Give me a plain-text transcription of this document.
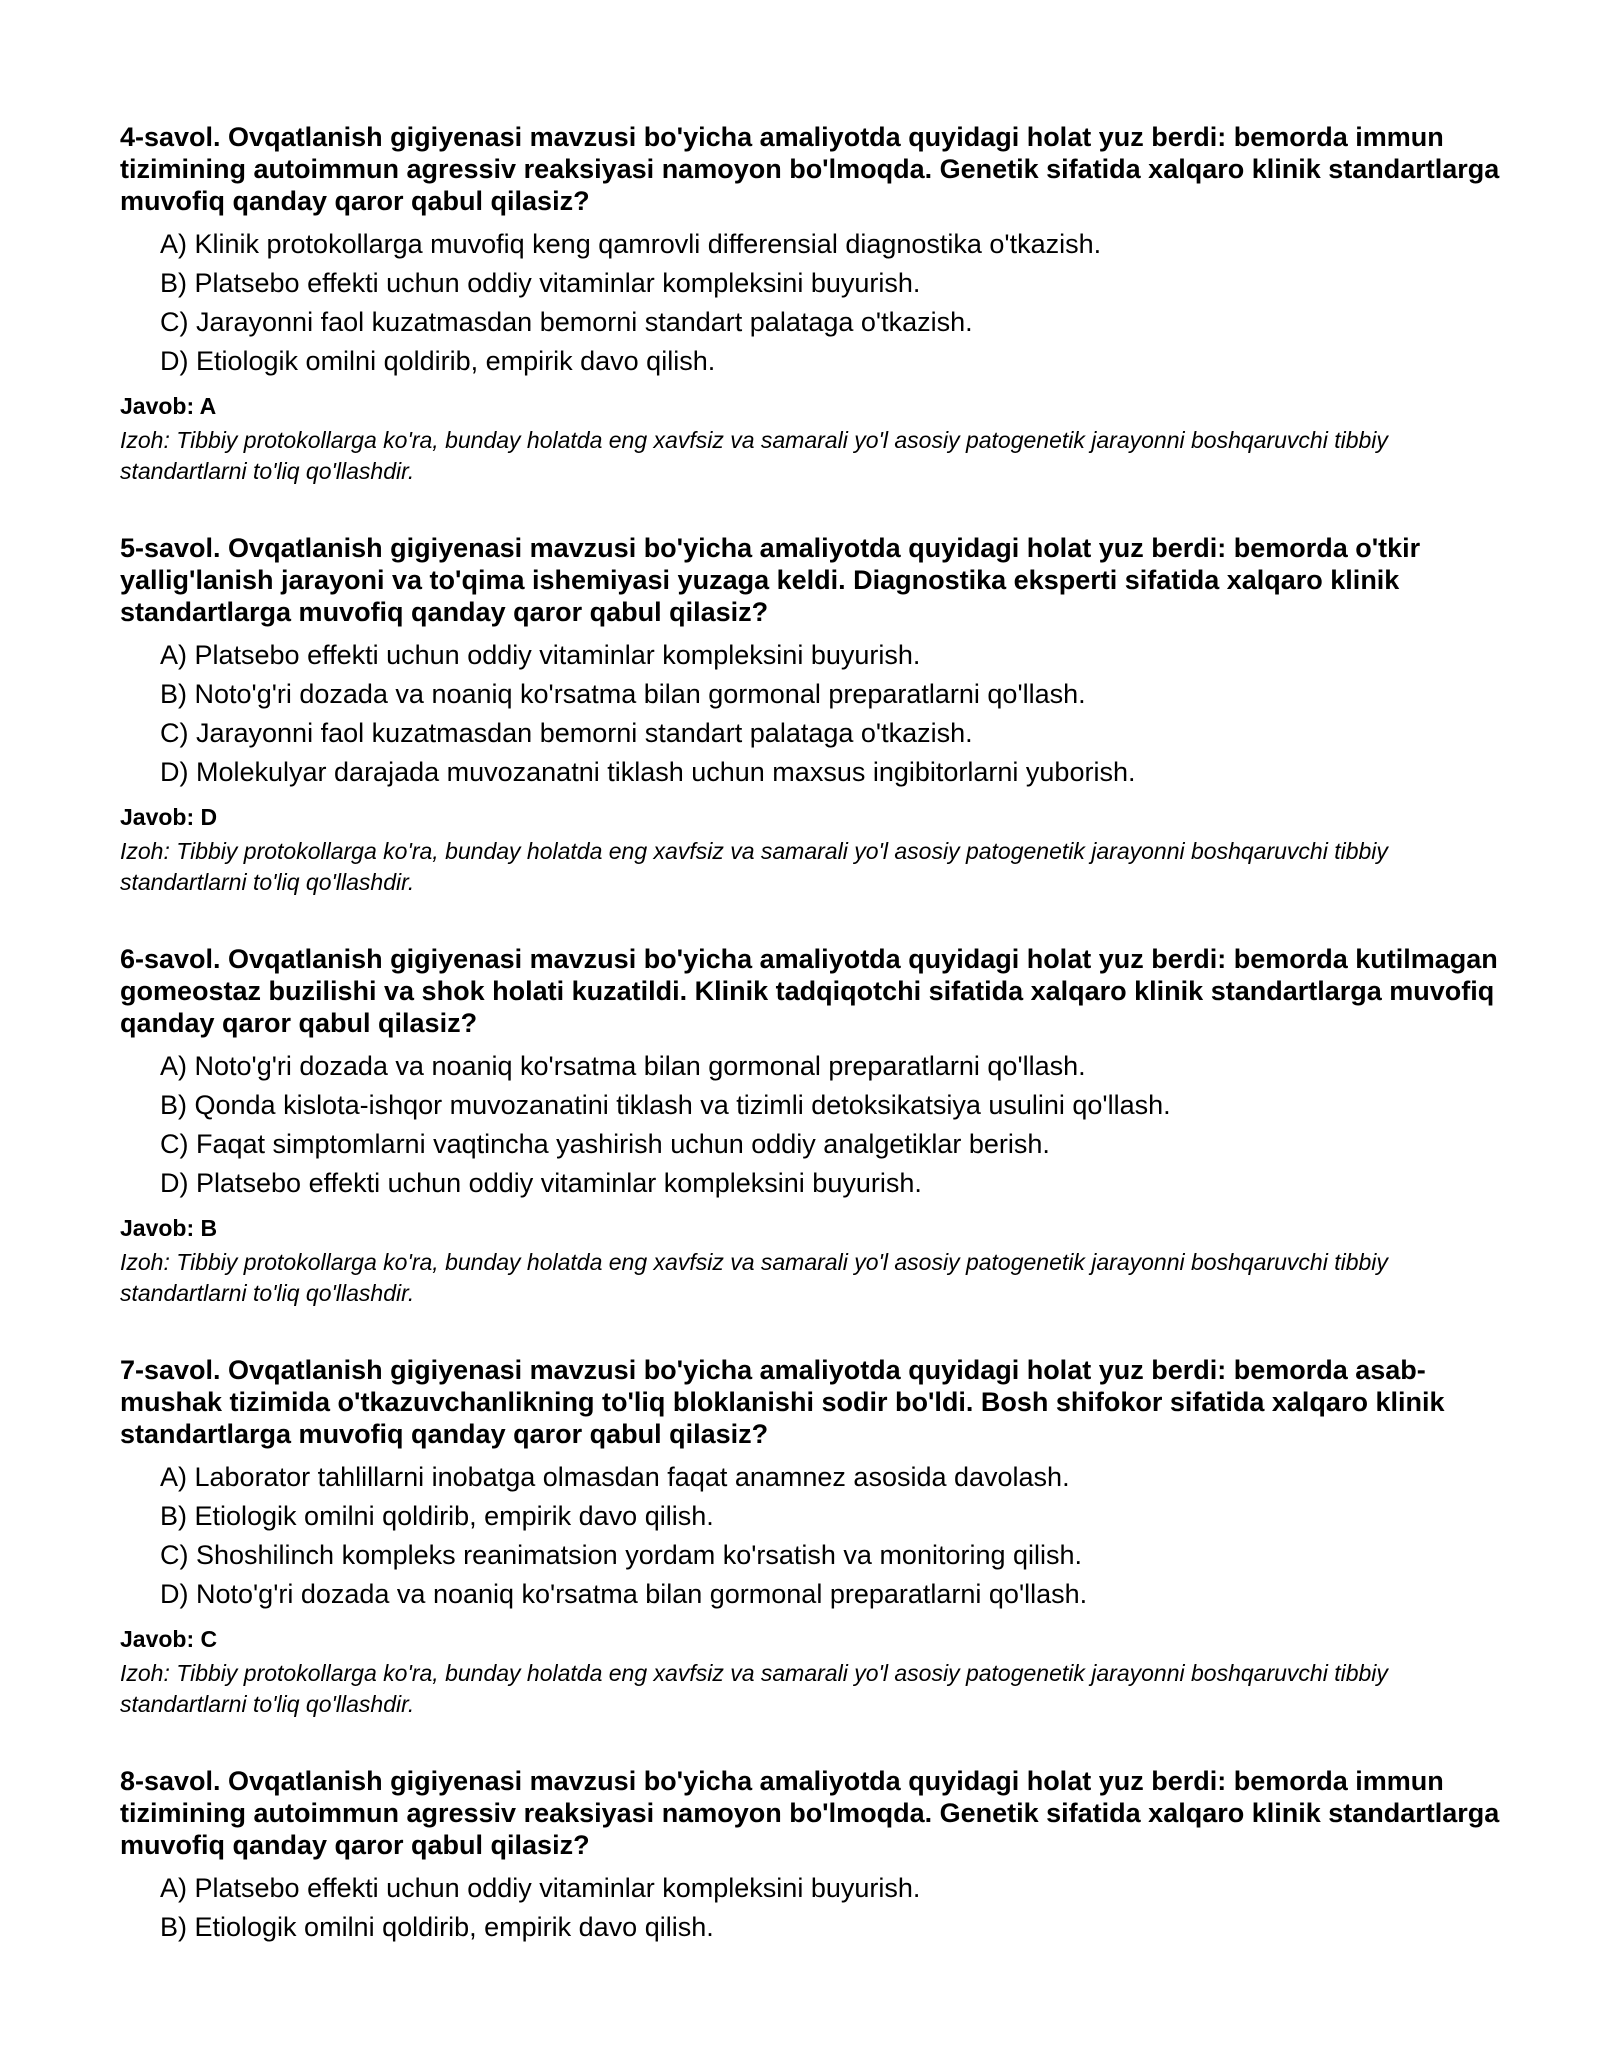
4-savol. Ovqatlanish gigiyenasi mavzusi bo'yicha amaliyotda quyidagi holat yuz berdi: bemorda immun tizimining autoimmun agressiv reaksiyasi namoyon bo'lmoqda. Genetik sifatida xalqaro klinik standartlarga muvofiq qanday qaror qabul qilasiz?

A) Klinik protokollarga muvofiq keng qamrovli differensial diagnostika o'tkazish.
B) Platsebo effekti uchun oddiy vitaminlar kompleksini buyurish.
C) Jarayonni faol kuzatmasdan bemorni standart palataga o'tkazish.
D) Etiologik omilni qoldirib, empirik davo qilish.

Javob: A

Izoh: Tibbiy protokollarga ko'ra, bunday holatda eng xavfsiz va samarali yo'l asosiy patogenetik jarayonni boshqaruvchi tibbiy standartlarni to'liq qo'llashdir.

5-savol. Ovqatlanish gigiyenasi mavzusi bo'yicha amaliyotda quyidagi holat yuz berdi: bemorda o'tkir yallig'lanish jarayoni va to'qima ishemiyasi yuzaga keldi. Diagnostika eksperti sifatida xalqaro klinik standartlarga muvofiq qanday qaror qabul qilasiz?

A) Platsebo effekti uchun oddiy vitaminlar kompleksini buyurish.
B) Noto'g'ri dozada va noaniq ko'rsatma bilan gormonal preparatlarni qo'llash.
C) Jarayonni faol kuzatmasdan bemorni standart palataga o'tkazish.
D) Molekulyar darajada muvozanatni tiklash uchun maxsus ingibitorlarni yuborish.

Javob: D

Izoh: Tibbiy protokollarga ko'ra, bunday holatda eng xavfsiz va samarali yo'l asosiy patogenetik jarayonni boshqaruvchi tibbiy standartlarni to'liq qo'llashdir.

6-savol. Ovqatlanish gigiyenasi mavzusi bo'yicha amaliyotda quyidagi holat yuz berdi: bemorda kutilmagan gomeostaz buzilishi va shok holati kuzatildi. Klinik tadqiqotchi sifatida xalqaro klinik standartlarga muvofiq qanday qaror qabul qilasiz?

A) Noto'g'ri dozada va noaniq ko'rsatma bilan gormonal preparatlarni qo'llash.
B) Qonda kislota-ishqor muvozanatini tiklash va tizimli detoksikatsiya usulini qo'llash.
C) Faqat simptomlarni vaqtincha yashirish uchun oddiy analgetiklar berish.
D) Platsebo effekti uchun oddiy vitaminlar kompleksini buyurish.

Javob: B

Izoh: Tibbiy protokollarga ko'ra, bunday holatda eng xavfsiz va samarali yo'l asosiy patogenetik jarayonni boshqaruvchi tibbiy standartlarni to'liq qo'llashdir.

7-savol. Ovqatlanish gigiyenasi mavzusi bo'yicha amaliyotda quyidagi holat yuz berdi: bemorda asab-mushak tizimida o'tkazuvchanlikning to'liq bloklanishi sodir bo'ldi. Bosh shifokor sifatida xalqaro klinik standartlarga muvofiq qanday qaror qabul qilasiz?

A) Laborator tahlillarni inobatga olmasdan faqat anamnez asosida davolash.
B) Etiologik omilni qoldirib, empirik davo qilish.
C) Shoshilinch kompleks reanimatsion yordam ko'rsatish va monitoring qilish.
D) Noto'g'ri dozada va noaniq ko'rsatma bilan gormonal preparatlarni qo'llash.

Javob: C

Izoh: Tibbiy protokollarga ko'ra, bunday holatda eng xavfsiz va samarali yo'l asosiy patogenetik jarayonni boshqaruvchi tibbiy standartlarni to'liq qo'llashdir.

8-savol. Ovqatlanish gigiyenasi mavzusi bo'yicha amaliyotda quyidagi holat yuz berdi: bemorda immun tizimining autoimmun agressiv reaksiyasi namoyon bo'lmoqda. Genetik sifatida xalqaro klinik standartlarga muvofiq qanday qaror qabul qilasiz?

A) Platsebo effekti uchun oddiy vitaminlar kompleksini buyurish.
B) Etiologik omilni qoldirib, empirik davo qilish.
